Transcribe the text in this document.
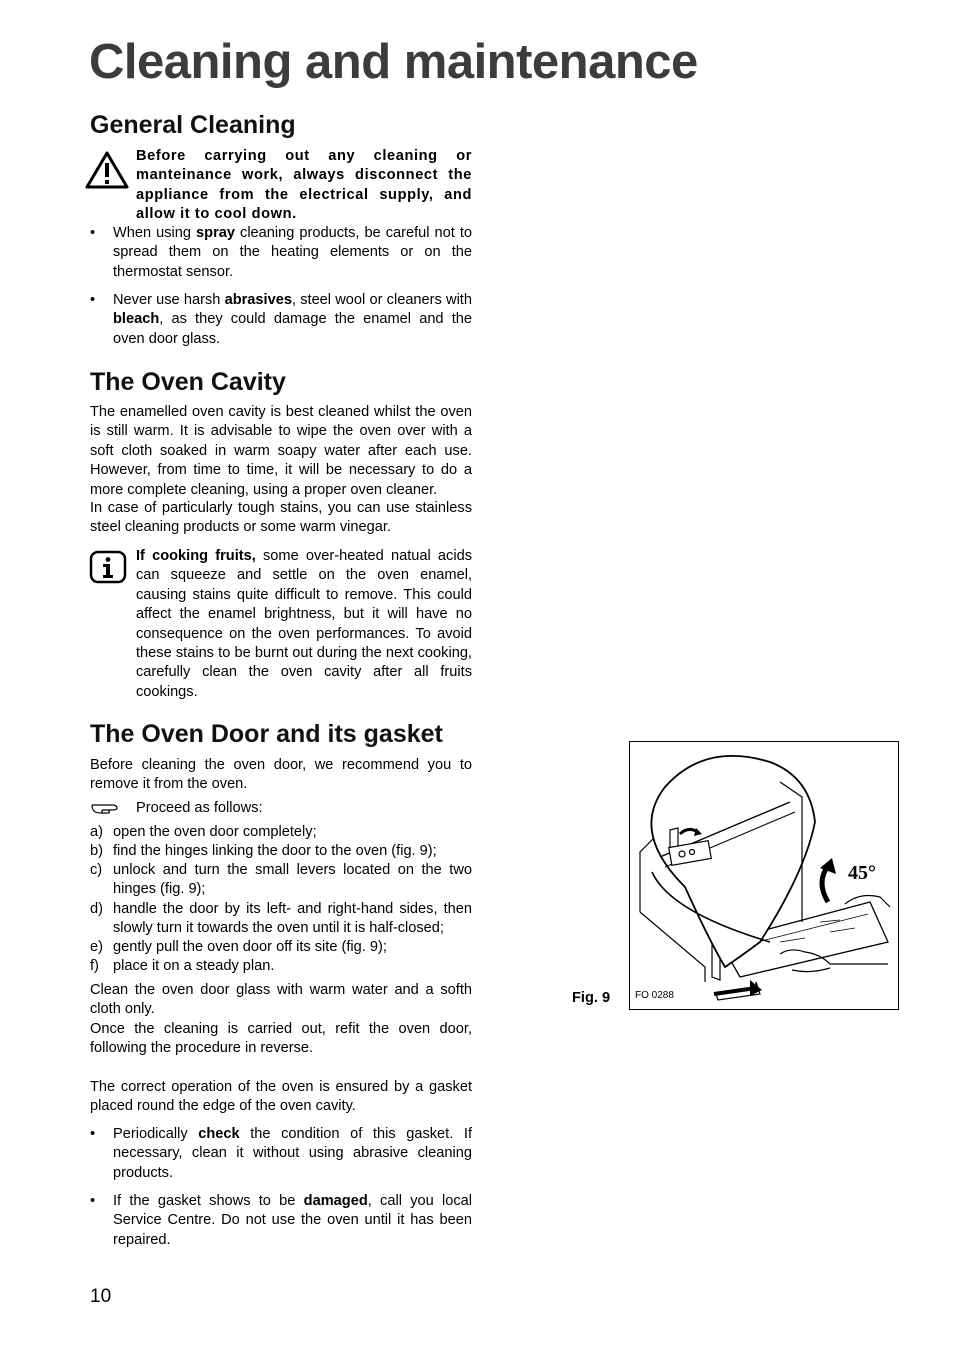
Cleaning and maintenance
General Cleaning

Before carrying out any cleaning or manteinance work, always disconnect the appliance from the electrical supply, and allow it to cool down.

• When using spray cleaning products, be careful not to spread them on the heating elements or on the thermostat sensor.
• Never use harsh abrasives, steel wool or cleaners with bleach, as they could damage the enamel and the oven door glass.
The Oven Cavity

The enamelled oven cavity is best cleaned whilst the oven is still warm. It is advisable to wipe the oven over with a soft cloth soaked in warm soapy water after each use. However, from time to time, it will be necessary to do a more complete cleaning, using a proper oven cleaner.

In case of particularly tough stains, you can use stainless steel cleaning products or some warm vinegar.

If cooking fruits, some over-heated natual acids can squeeze and settle on the oven enamel, causing stains quite difficult to remove. This could affect the enamel brightness, but it will have no consequence on the oven performances. To avoid these stains to be burnt out during the next cooking, carefully clean the oven cavity after all fruits cookings.

The Oven Door and its gasket

Before cleaning the oven door, we recommend you to remove it from the oven.

Proceed as follows:

a) open the oven door completely;
b) find the hinges linking the door to the oven (fig. 9);
c) unlock and turn the small levers located on the two hinges (fig. 9);
d) handle the door by its left- and right-hand sides, then slowly turn it towards the oven until it is half-closed;
e) gently pull the oven door off its site (fig. 9);
f) place it on a steady plan.

Clean the oven door glass with warm water and a softh cloth only.

Once the cleaning is carried out, refit the oven door, following the procedure in reverse.

The correct operation of the oven is ensured by a gasket placed round the edge of the oven cavity.

• Periodically check the condition of this gasket. If necessary, clean it without using abrasive cleaning products.
• If the gasket shows to be damaged, call you local Service Centre. Do not use the oven until it has been repaired.
Fig. 9
45°
FO 0288
10
